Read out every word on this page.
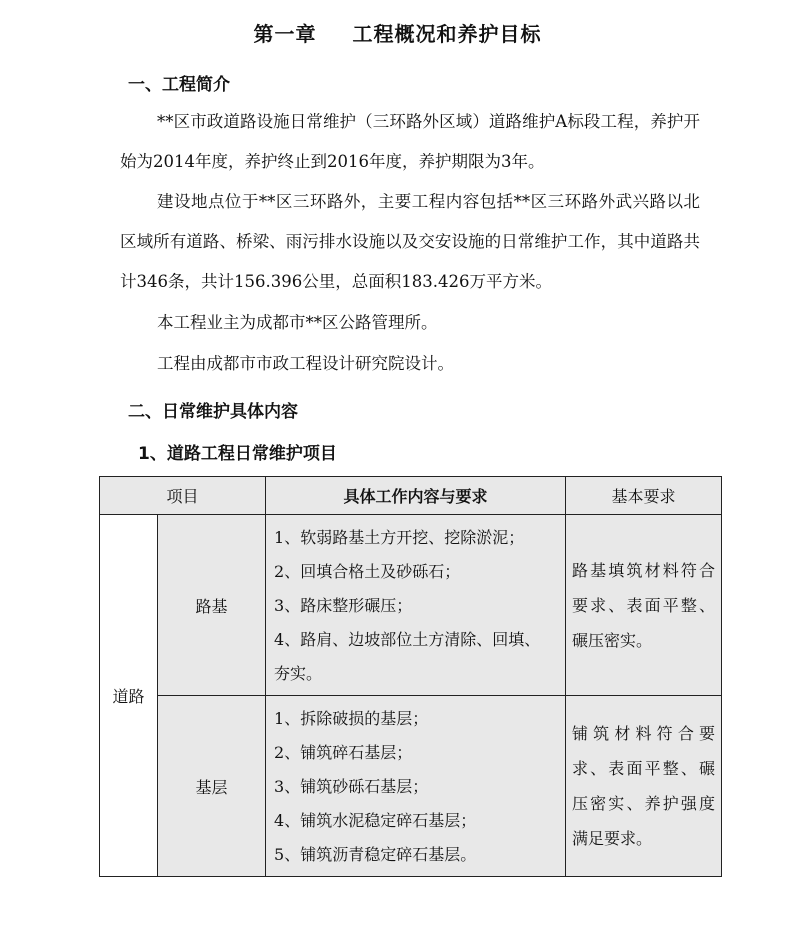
第一章 工程概况和养护目标
一、工程简介

**区市政道路设施日常维护（三环路外区域）道路维护A标段工程，养护开始为2014年度，养护终止到2016年度，养护期限为3年。

建设地点位于**区三环路外，主要工程内容包括**区三环路外武兴路以北区域所有道路、桥梁、雨污排水设施以及交安设施的日常维护工作，其中道路共计346条，共计156.396公里，总面积183.426万平方米。

本工程业主为成都市**区公路管理所。

工程由成都市市政工程设计研究院设计。

二、日常维护具体内容
1、道路工程日常维护项目
项目		具体工作内容与要求	基本要求
道路	路基	1、软弱路基土方开挖、挖除淤泥；
2、回填合格土及砂砾石；
3、路床整形碾压；
4、路肩、边坡部位土方清除、回填、
夯实。	路基填筑材料符合要求、表面平整、碾压密实。
	基层	1、拆除破损的基层；
2、铺筑碎石基层；
3、铺筑砂砾石基层；
4、铺筑水泥稳定碎石基层；
5、铺筑沥青稳定碎石基层。	铺筑材料符合要求、表面平整、碾压密实、养护强度满足要求。
